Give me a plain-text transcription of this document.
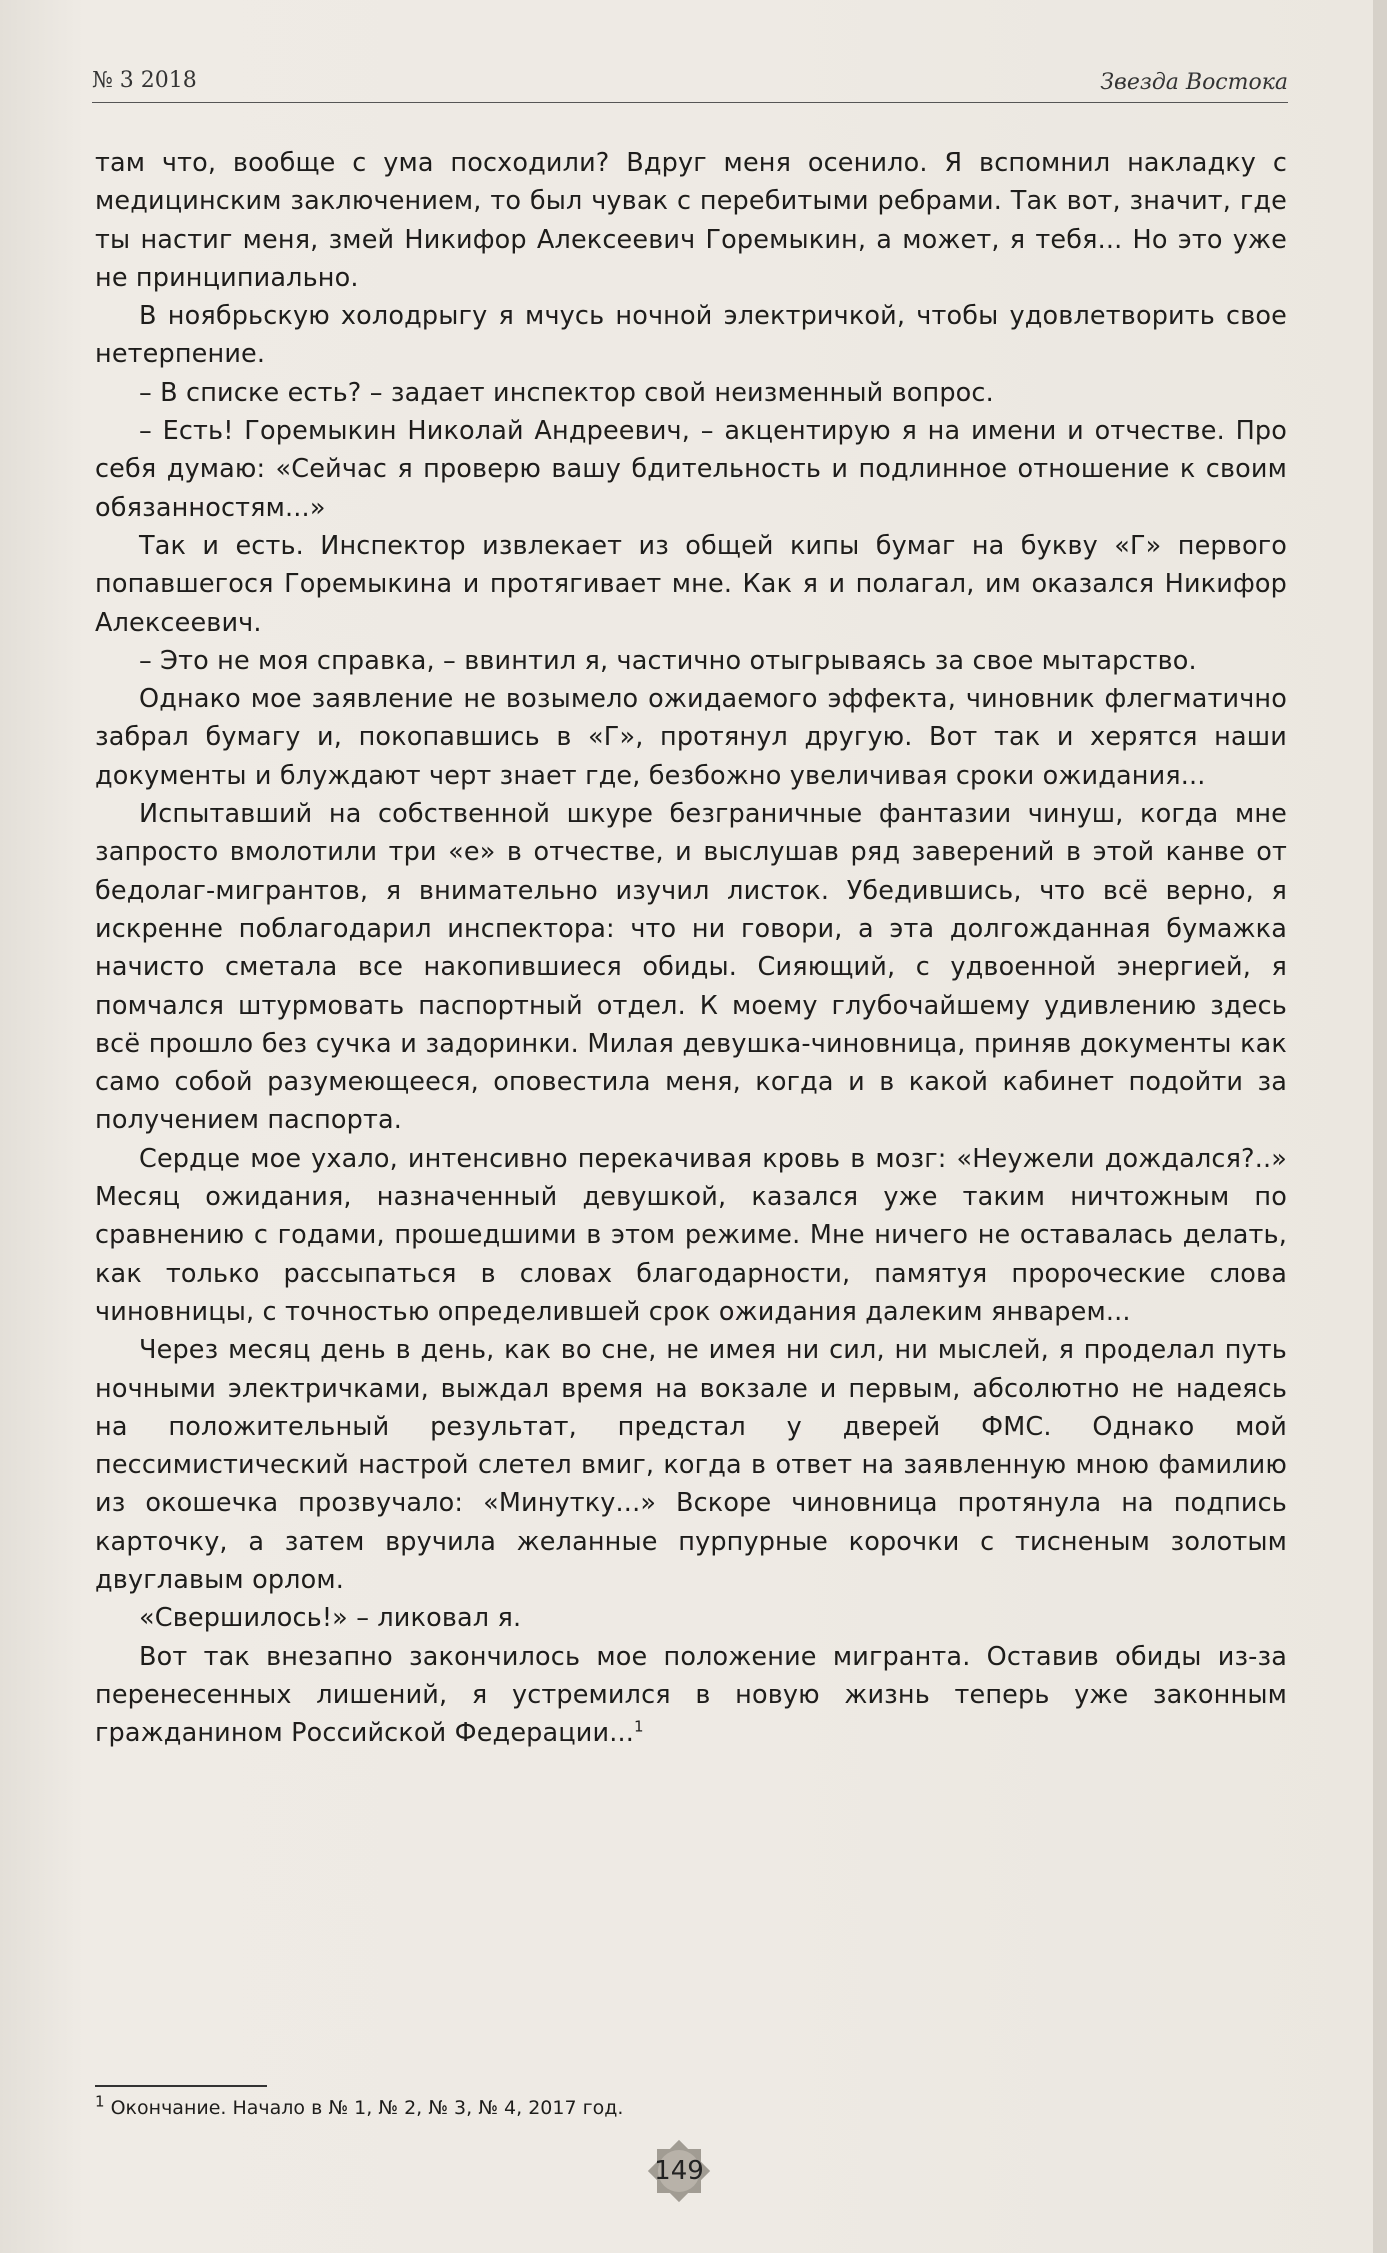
№ 3 2018	Звезда Востока

там что, вообще с ума посходили? Вдруг меня осенило. Я вспомнил накладку с медицинским заключением, то был чувак с перебитыми ребрами. Так вот, значит, где ты настиг меня, змей Никифор Алексеевич Горемыкин, а может, я тебя... Но это уже не принципиально.

В ноябрьскую холодрыгу я мчусь ночной электричкой, чтобы удовлетворить свое нетерпение.

– В списке есть? – задает инспектор свой неизменный вопрос.

– Есть! Горемыкин Николай Андреевич, – акцентирую я на имени и отчестве. Про себя думаю: «Сейчас я проверю вашу бдительность и подлинное отношение к своим обязанностям...»

Так и есть. Инспектор извлекает из общей кипы бумаг на букву «Г» первого попавшегося Горемыкина и протягивает мне. Как я и полагал, им оказался Никифор Алексеевич.

– Это не моя справка, – ввинтил я, частично отыгрываясь за свое мытарство.

Однако мое заявление не возымело ожидаемого эффекта, чиновник флегматично забрал бумагу и, покопавшись в «Г», протянул другую. Вот так и херятся наши документы и блуждают черт знает где, безбожно увеличивая сроки ожидания...

Испытавший на собственной шкуре безграничные фантазии чинуш, когда мне запросто вмолотили три «е» в отчестве, и выслушав ряд заверений в этой канве от бедолаг-мигрантов, я внимательно изучил листок. Убедившись, что всё верно, я искренне поблагодарил инспектора: что ни говори, а эта долгожданная бумажка начисто сметала все накопившиеся обиды. Сияющий, с удвоенной энергией, я помчался штурмовать паспортный отдел. К моему глубочайшему удивлению здесь всё прошло без сучка и задоринки. Милая девушка-чиновница, приняв документы как само собой разумеющееся, оповестила меня, когда и в какой кабинет подойти за получением паспорта.

Сердце мое ухало, интенсивно перекачивая кровь в мозг: «Неужели дождался?..» Месяц ожидания, назначенный девушкой, казался уже таким ничтожным по сравнению с годами, прошедшими в этом режиме. Мне ничего не оставалась делать, как только рассыпаться в словах благодарности, памятуя пророческие слова чиновницы, с точностью определившей срок ожидания далеким январем...

Через месяц день в день, как во сне, не имея ни сил, ни мыслей, я проделал путь ночными электричками, выждал время на вокзале и первым, абсолютно не надеясь на положительный результат, предстал у дверей ФМС. Однако мой пессимистический настрой слетел вмиг, когда в ответ на заявленную мною фамилию из окошечка прозвучало: «Минутку...» Вскоре чиновница протянула на подпись карточку, а затем вручила желанные пурпурные корочки с тисненым золотым двуглавым орлом.

«Свершилось!» – ликовал я.

Вот так внезапно закончилось мое положение мигранта. Оставив обиды из-за перенесенных лишений, я устремился в новую жизнь теперь уже законным гражданином Российской Федерации...$^1$

$^1$ Окончание. Начало в № 1, № 2, № 3, № 4, 2017 год.
149
